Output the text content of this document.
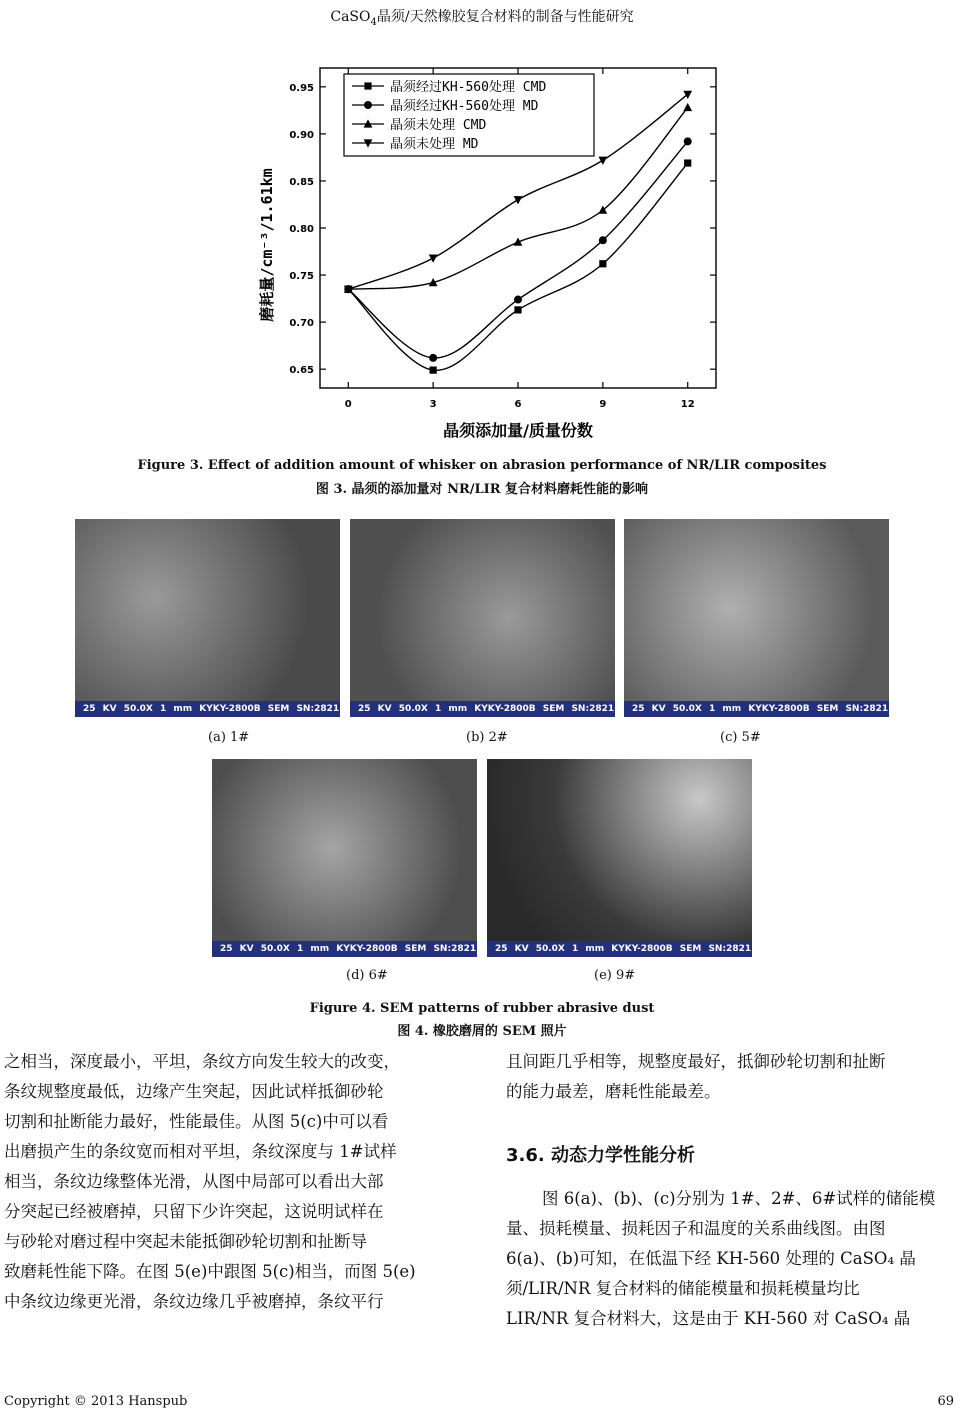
CaSO$_4$晶须/天然橡胶复合材料的制备与性能研究
0.65
0.70
0.75
0.80
0.85
0.90
0.95
0	3	6	9	12
晶须经过KH-560处理 CMD
晶须经过KH-560处理 MD
晶须未处理 CMD
晶须未处理 MD
晶须添加量/质量份数
磨耗量/cm⁻³/1.61km
Figure 3. Effect of addition amount of whisker on abrasion performance of NR/LIR composites
图 3. 晶须的添加量对 NR/LIR 复合材料磨耗性能的影响
25 KV 50.0X 1 mm KYKY-2800B SEM SN:2821	25 KV 50.0X 1 mm KYKY-2800B SEM SN:2821	25 KV 50.0X 1 mm KYKY-2800B SEM SN:2821
(a) 1#	(b) 2#	(c) 5#
25 KV 50.0X 1 mm KYKY-2800B SEM SN:2821	25 KV 50.0X 1 mm KYKY-2800B SEM SN:2821
(d) 6#	(e) 9#
Figure 4. SEM patterns of rubber abrasive dust
图 4. 橡胶磨屑的 SEM 照片
之相当，深度最小，平坦，条纹方向发生较大的改变，
条纹规整度最低，边缘产生突起，因此试样抵御砂轮
切割和扯断能力最好，性能最佳。从图 5(c)中可以看
出磨损产生的条纹宽而相对平坦，条纹深度与 1#试样
相当，条纹边缘整体光滑，从图中局部可以看出大部
分突起已经被磨掉，只留下少许突起，这说明试样在
与砂轮对磨过程中突起未能抵御砂轮切割和扯断导
致磨耗性能下降。在图 5(e)中跟图 5(c)相当，而图 5(e)
中条纹边缘更光滑，条纹边缘几乎被磨掉，条纹平行
且间距几乎相等，规整度最好，抵御砂轮切割和扯断
的能力最差，磨耗性能最差。
3.6. 动态力学性能分析
图 6(a)、(b)、(c)分别为 1#、2#、6#试样的储能模
量、损耗模量、损耗因子和温度的关系曲线图。由图
6(a)、(b)可知，在低温下经 KH-560 处理的 CaSO₄ 晶
须/LIR/NR 复合材料的储能模量和损耗模量均比
LIR/NR 复合材料大，这是由于 KH-560 对 CaSO₄ 晶
Copyright © 2013 Hanspub	69
